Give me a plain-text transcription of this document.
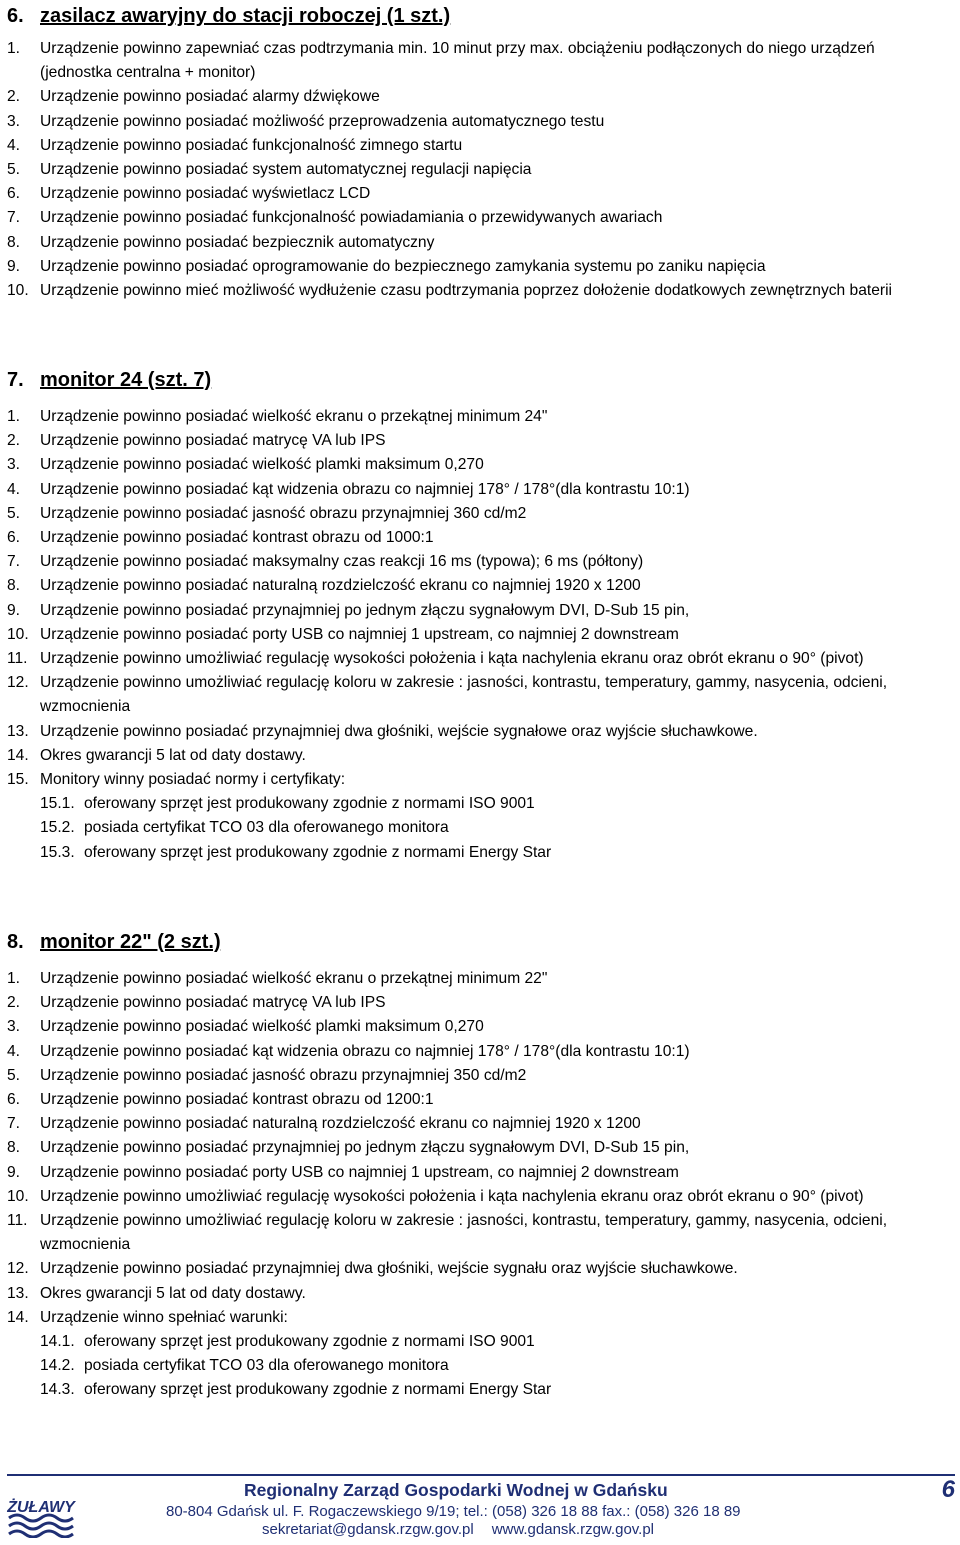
6. zasilacz awaryjny do stacji roboczej (1 szt.)
1. Urządzenie powinno zapewniać czas podtrzymania min. 10 minut przy max. obciążeniu podłączonych do niego urządzeń (jednostka centralna + monitor)
2. Urządzenie powinno posiadać alarmy dźwiękowe
3. Urządzenie powinno posiadać możliwość przeprowadzenia automatycznego testu
4. Urządzenie powinno posiadać funkcjonalność zimnego startu
5. Urządzenie powinno posiadać system automatycznej regulacji napięcia
6. Urządzenie powinno posiadać wyświetlacz LCD
7. Urządzenie powinno posiadać funkcjonalność powiadamiania o przewidywanych awariach
8. Urządzenie powinno posiadać bezpiecznik automatyczny
9. Urządzenie powinno posiadać oprogramowanie do bezpiecznego zamykania systemu po zaniku napięcia
10. Urządzenie powinno mieć możliwość wydłużenie czasu podtrzymania poprzez dołożenie dodatkowych zewnętrznych baterii
7. monitor 24 (szt. 7)
1. Urządzenie powinno posiadać wielkość ekranu o przekątnej minimum 24"
2. Urządzenie powinno posiadać matrycę VA lub IPS
3. Urządzenie powinno posiadać wielkość plamki maksimum 0,270
4. Urządzenie powinno posiadać kąt widzenia obrazu co najmniej 178° / 178°(dla kontrastu 10:1)
5. Urządzenie powinno posiadać jasność obrazu przynajmniej 360 cd/m2
6. Urządzenie powinno posiadać kontrast obrazu od 1000:1
7. Urządzenie powinno posiadać maksymalny czas reakcji 16 ms (typowa); 6 ms (półtony)
8. Urządzenie powinno posiadać naturalną rozdzielczość ekranu co najmniej 1920 x 1200
9. Urządzenie powinno posiadać przynajmniej po jednym złączu sygnałowym DVI, D-Sub 15 pin,
10. Urządzenie powinno posiadać porty USB co najmniej 1 upstream, co najmniej 2 downstream
11. Urządzenie powinno umożliwiać regulację wysokości położenia i kąta nachylenia ekranu oraz obrót ekranu o 90° (pivot)
12. Urządzenie powinno umożliwiać regulację koloru w zakresie : jasności, kontrastu, temperatury, gammy, nasycenia, odcieni, wzmocnienia
13. Urządzenie powinno posiadać przynajmniej dwa głośniki, wejście sygnałowe oraz wyjście słuchawkowe.
14. Okres gwarancji 5 lat od daty dostawy.
15. Monitory winny posiadać normy i certyfikaty:
15.1. oferowany sprzęt jest produkowany zgodnie z normami ISO 9001
15.2. posiada certyfikat TCO 03 dla oferowanego monitora
15.3. oferowany sprzęt jest produkowany zgodnie z normami Energy Star
8. monitor 22" (2 szt.)
1. Urządzenie powinno posiadać wielkość ekranu o przekątnej minimum 22"
2. Urządzenie powinno posiadać matrycę VA lub IPS
3. Urządzenie powinno posiadać wielkość plamki maksimum 0,270
4. Urządzenie powinno posiadać kąt widzenia obrazu co najmniej 178° / 178°(dla kontrastu 10:1)
5. Urządzenie powinno posiadać jasność obrazu przynajmniej 350 cd/m2
6. Urządzenie powinno posiadać kontrast obrazu od 1200:1
7. Urządzenie powinno posiadać naturalną rozdzielczość ekranu co najmniej 1920 x 1200
8. Urządzenie powinno posiadać przynajmniej po jednym złączu sygnałowym DVI, D-Sub 15 pin,
9. Urządzenie powinno posiadać porty USB co najmniej 1 upstream, co najmniej 2 downstream
10. Urządzenie powinno umożliwiać regulację wysokości położenia i kąta nachylenia ekranu oraz obrót ekranu o 90° (pivot)
11. Urządzenie powinno umożliwiać regulację koloru w zakresie : jasności, kontrastu, temperatury, gammy, nasycenia, odcieni, wzmocnienia
12. Urządzenie powinno posiadać przynajmniej dwa głośniki, wejście sygnału oraz wyjście słuchawkowe.
13. Okres gwarancji 5 lat od daty dostawy.
14. Urządzenie winno spełniać warunki:
14.1. oferowany sprzęt jest produkowany zgodnie z normami ISO 9001
14.2. posiada certyfikat TCO 03 dla oferowanego monitora
14.3. oferowany sprzęt jest produkowany zgodnie z normami Energy Star
ŻUŁAWY
Regionalny Zarząd Gospodarki Wodnej w Gdańsku
80-804 Gdańsk ul. F. Rogaczewskiego 9/19; tel.: (058) 326 18 88 fax.: (058) 326 18 89
sekretariat@gdansk.rzgw.gov.pl www.gdansk.rzgw.gov.pl
6
